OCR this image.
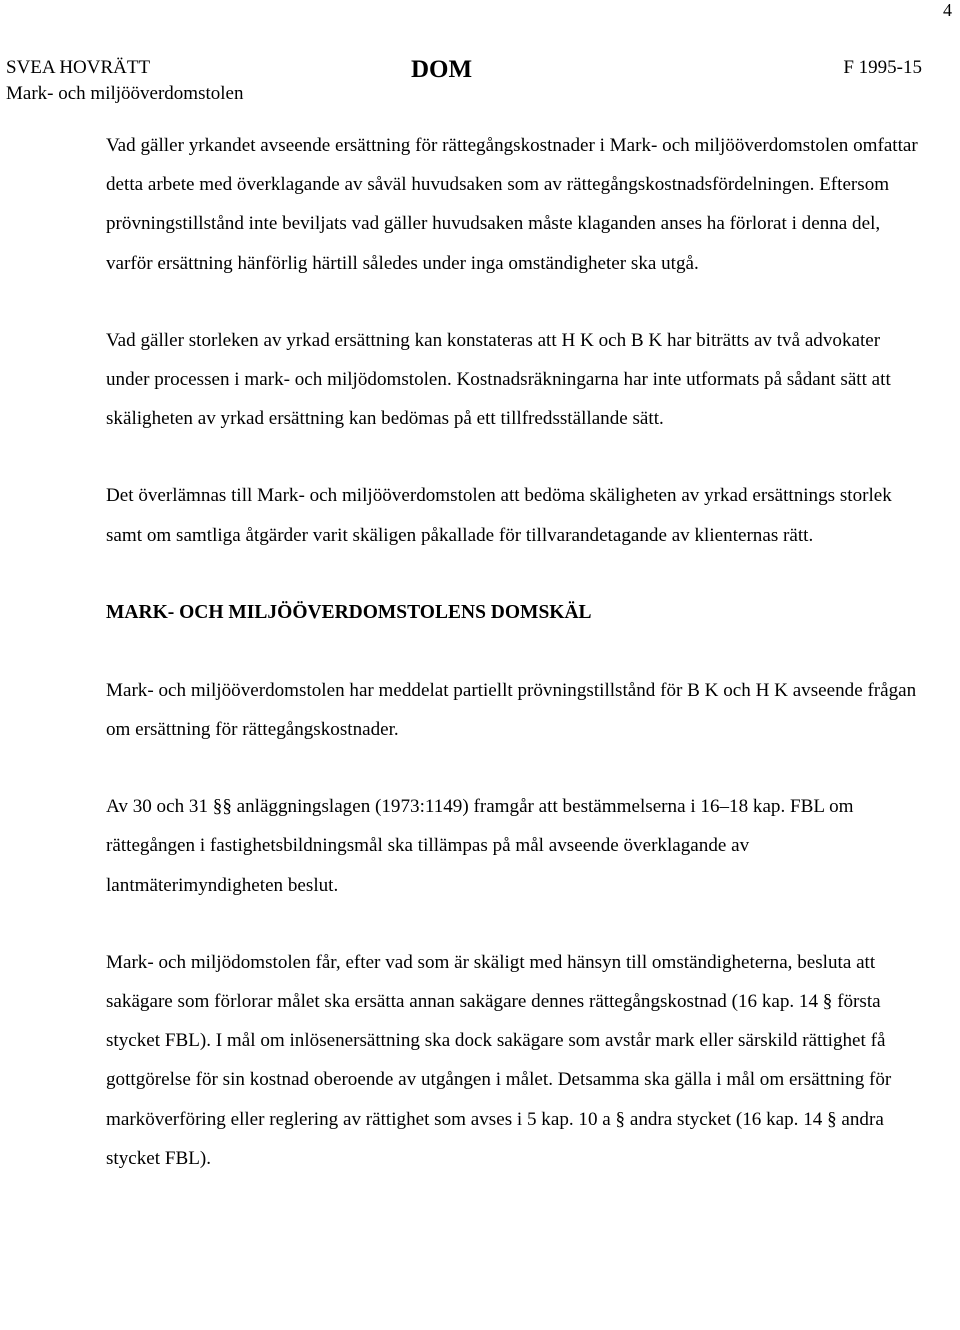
4
SVEA HOVRÄTT
Mark- och miljööverdomstolen
DOM	F 1995-15

Vad gäller yrkandet avseende ersättning för rättegångskostnader i Mark- och miljööverdomstolen omfattar detta arbete med överklagande av såväl huvudsaken som av rättegångskostnadsfördelningen. Eftersom prövningstillstånd inte beviljats vad gäller huvudsaken måste klaganden anses ha förlorat i denna del, varför ersättning hänförlig härtill således under inga omständigheter ska utgå.

Vad gäller storleken av yrkad ersättning kan konstateras att H K och B K har biträtts av två advokater under processen i mark- och miljödomstolen. Kostnadsräkningarna har inte utformats på sådant sätt att skäligheten av yrkad ersättning kan bedömas på ett tillfredsställande sätt.

Det överlämnas till Mark- och miljööverdomstolen att bedöma skäligheten av yrkad ersättnings storlek samt om samtliga åtgärder varit skäligen påkallade för tillvarandetagande av klienternas rätt.

MARK- OCH MILJÖÖVERDOMSTOLENS DOMSKÄL

Mark- och miljööverdomstolen har meddelat partiellt prövningstillstånd för B K och H K avseende frågan om ersättning för rättegångskostnader.

Av 30 och 31 §§ anläggningslagen (1973:1149) framgår att bestämmelserna i 16–18 kap. FBL om rättegången i fastighetsbildningsmål ska tillämpas på mål avseende överklagande av lantmäterimyndigheten beslut.

Mark- och miljödomstolen får, efter vad som är skäligt med hänsyn till omständigheterna, besluta att sakägare som förlorar målet ska ersätta annan sakägare dennes rättegångskostnad (16 kap. 14 § första stycket FBL). I mål om inlösenersättning ska dock sakägare som avstår mark eller särskild rättighet få gottgörelse för sin kostnad oberoende av utgången i målet. Detsamma ska gälla i mål om ersättning för marköverföring eller reglering av rättighet som avses i 5 kap. 10 a § andra stycket (16 kap. 14 § andra stycket FBL).
